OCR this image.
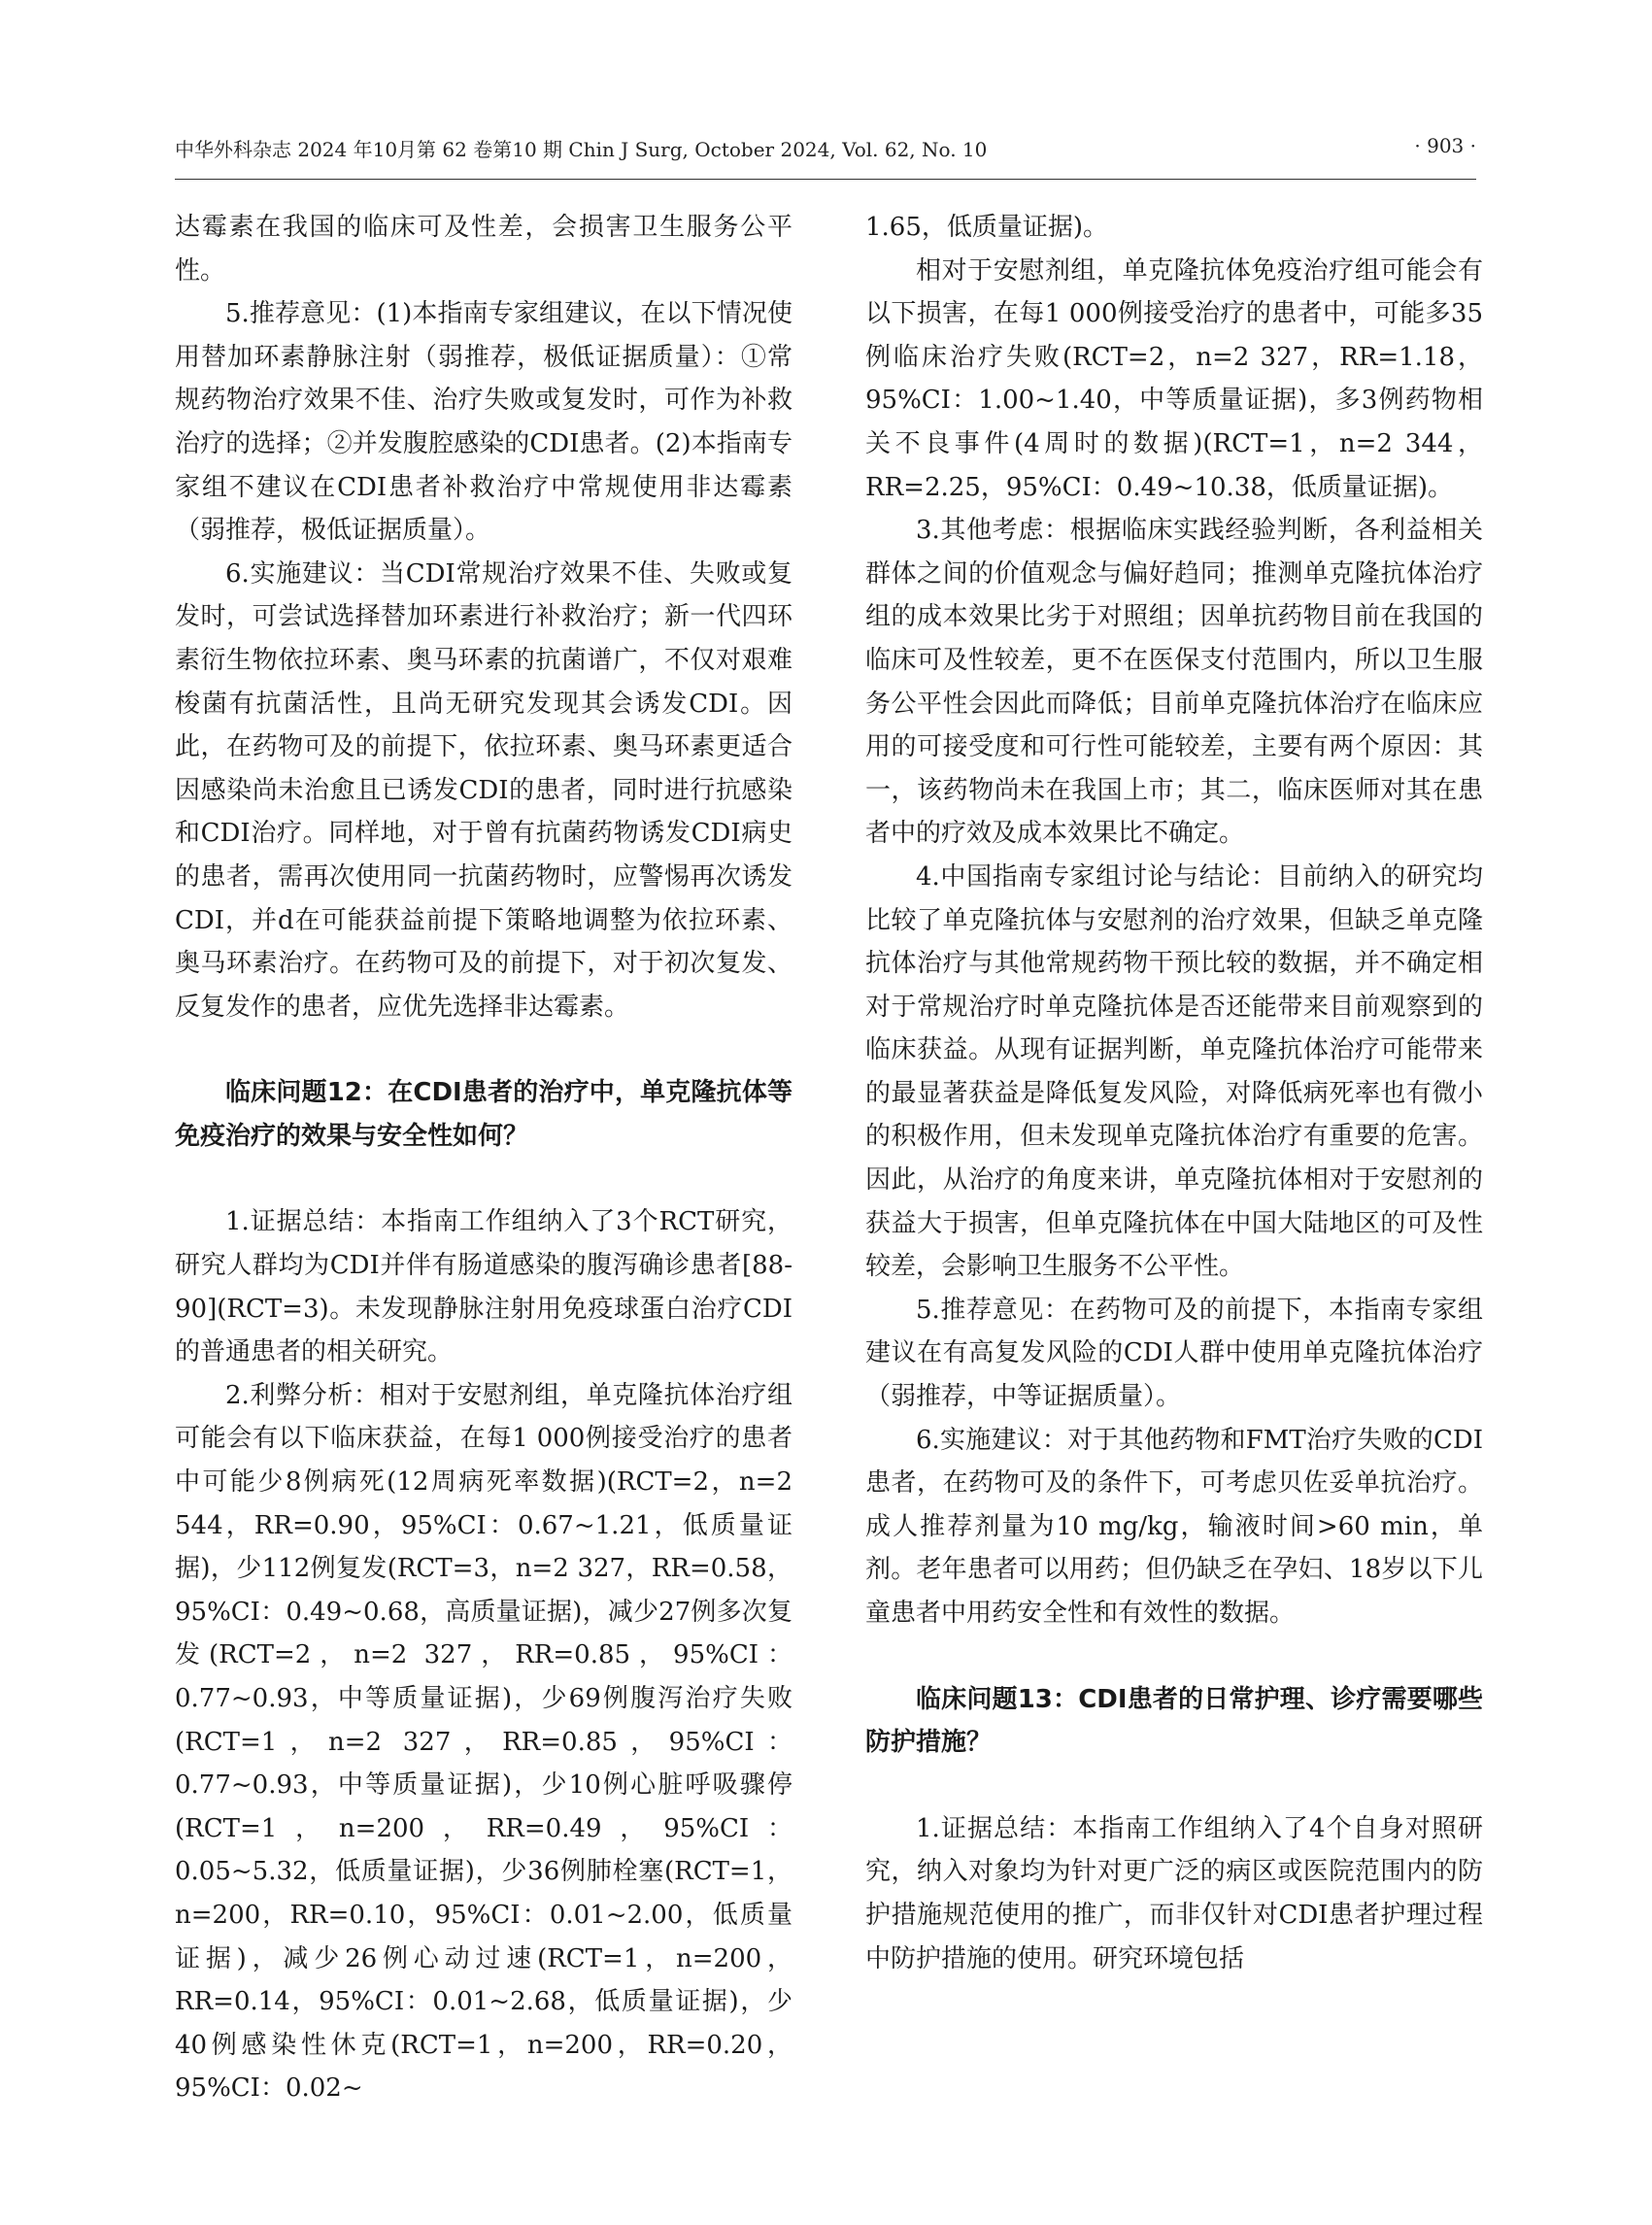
中华外科杂志 2024 年10月第 62 卷第10 期 Chin J Surg, October 2024, Vol. 62, No. 10	· 903 ·

达霉素在我国的临床可及性差，会损害卫生服务公平性。

5.推荐意见：(1)本指南专家组建议，在以下情况使用替加环素静脉注射（弱推荐，极低证据质量）：①常规药物治疗效果不佳、治疗失败或复发时，可作为补救治疗的选择；②并发腹腔感染的CDI患者。(2)本指南专家组不建议在CDI患者补救治疗中常规使用非达霉素（弱推荐，极低证据质量）。

6.实施建议：当CDI常规治疗效果不佳、失败或复发时，可尝试选择替加环素进行补救治疗；新一代四环素衍生物依拉环素、奥马环素的抗菌谱广，不仅对艰难梭菌有抗菌活性，且尚无研究发现其会诱发CDI。因此，在药物可及的前提下，依拉环素、奥马环素更适合因感染尚未治愈且已诱发CDI的患者，同时进行抗感染和CDI治疗。同样地，对于曾有抗菌药物诱发CDI病史的患者，需再次使用同一抗菌药物时，应警惕再次诱发CDI，并d在可能获益前提下策略地调整为依拉环素、奥马环素治疗。在药物可及的前提下，对于初次复发、反复发作的患者，应优先选择非达霉素。

临床问题12：在CDI患者的治疗中，单克隆抗体等免疫治疗的效果与安全性如何？

1.证据总结：本指南工作组纳入了3个RCT研究，研究人群均为CDI并伴有肠道感染的腹泻确诊患者[88-90](RCT=3)。未发现静脉注射用免疫球蛋白治疗CDI的普通患者的相关研究。

2.利弊分析：相对于安慰剂组，单克隆抗体治疗组可能会有以下临床获益，在每1 000例接受治疗的患者中可能少8例病死(12周病死率数据)(RCT=2，n=2 544，RR=0.90，95%CI：0.67~1.21，低质量证据)，少112例复发(RCT=3，n=2 327，RR=0.58，95%CI：0.49~0.68，高质量证据)，减少27例多次复发(RCT=2，n=2 327，RR=0.85，95%CI：0.77~0.93，中等质量证据)，少69例腹泻治疗失败(RCT=1，n=2 327，RR=0.85，95%CI：0.77~0.93，中等质量证据)，少10例心脏呼吸骤停(RCT=1，n=200，RR=0.49，95%CI：0.05~5.32，低质量证据)，少36例肺栓塞(RCT=1，n=200，RR=0.10，95%CI：0.01~2.00，低质量证据)，减少26例心动过速(RCT=1，n=200，RR=0.14，95%CI：0.01~2.68，低质量证据)，少40例感染性休克(RCT=1，n=200，RR=0.20，95%CI：0.02~

1.65，低质量证据)。

相对于安慰剂组，单克隆抗体免疫治疗组可能会有以下损害，在每1 000例接受治疗的患者中，可能多35例临床治疗失败(RCT=2，n=2 327，RR=1.18，95%CI：1.00~1.40，中等质量证据)，多3例药物相关不良事件(4周时的数据)(RCT=1，n=2 344，RR=2.25，95%CI：0.49~10.38，低质量证据)。

3.其他考虑：根据临床实践经验判断，各利益相关群体之间的价值观念与偏好趋同；推测单克隆抗体治疗组的成本效果比劣于对照组；因单抗药物目前在我国的临床可及性较差，更不在医保支付范围内，所以卫生服务公平性会因此而降低；目前单克隆抗体治疗在临床应用的可接受度和可行性可能较差，主要有两个原因：其一，该药物尚未在我国上市；其二，临床医师对其在患者中的疗效及成本效果比不确定。

4.中国指南专家组讨论与结论：目前纳入的研究均比较了单克隆抗体与安慰剂的治疗效果，但缺乏单克隆抗体治疗与其他常规药物干预比较的数据，并不确定相对于常规治疗时单克隆抗体是否还能带来目前观察到的临床获益。从现有证据判断，单克隆抗体治疗可能带来的最显著获益是降低复发风险，对降低病死率也有微小的积极作用，但未发现单克隆抗体治疗有重要的危害。因此，从治疗的角度来讲，单克隆抗体相对于安慰剂的获益大于损害，但单克隆抗体在中国大陆地区的可及性较差，会影响卫生服务不公平性。

5.推荐意见：在药物可及的前提下，本指南专家组建议在有高复发风险的CDI人群中使用单克隆抗体治疗（弱推荐，中等证据质量）。

6.实施建议：对于其他药物和FMT治疗失败的CDI患者，在药物可及的条件下，可考虑贝佐妥单抗治疗。成人推荐剂量为10 mg/kg，输液时间>60 min，单剂。老年患者可以用药；但仍缺乏在孕妇、18岁以下儿童患者中用药安全性和有效性的数据。

临床问题13：CDI患者的日常护理、诊疗需要哪些防护措施？

1.证据总结：本指南工作组纳入了4个自身对照研究，纳入对象均为针对更广泛的病区或医院范围内的防护措施规范使用的推广，而非仅针对CDI患者护理过程中防护措施的使用。研究环境包括
